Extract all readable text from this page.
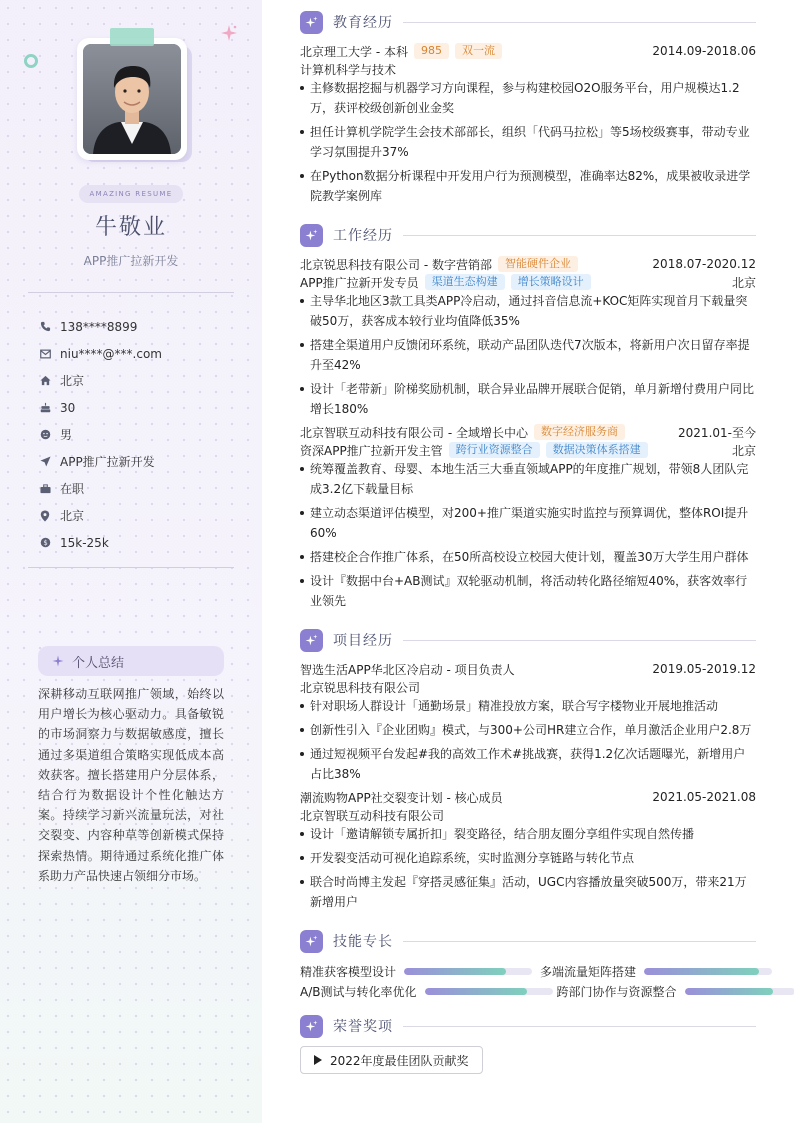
AMAZING RESUME
牛敬业
APP推广拉新开发
138****8899
niu****@***.com
北京
30
男
APP推广拉新开发
在职
北京
$ 15k-25k
个人总结
深耕移动互联网推广领域，始终以用户增长为核心驱动力。具备敏锐的市场洞察力与数据敏感度，擅长通过多渠道组合策略实现低成本高效获客。擅长搭建用户分层体系，结合行为数据设计个性化触达方案。持续学习新兴流量玩法，对社交裂变、内容种草等创新模式保持探索热情。期待通过系统化推广体系助力产品快速占领细分市场。
教育经历
北京理工大学 - 本科	985	双一流	2014.09-2018.06
计算机科学与技术
主修数据挖掘与机器学习方向课程，参与构建校园O2O服务平台，用户规模达1.2万，获评校级创新创业金奖
担任计算机学院学生会技术部部长，组织「代码马拉松」等5场校级赛事，带动专业学习氛围提升37%
在Python数据分析课程中开发用户行为预测模型，准确率达82%，成果被收录进学院教学案例库
工作经历
北京锐思科技有限公司 - 数字营销部	智能硬件企业	2018.07-2020.12
APP推广拉新开发专员	渠道生态构建	增长策略设计	北京
主导华北地区3款工具类APP冷启动，通过抖音信息流+KOC矩阵实现首月下载量突破50万，获客成本较行业均值降低35%
搭建全渠道用户反馈闭环系统，联动产品团队迭代7次版本，将新用户次日留存率提升至42%
设计「老带新」阶梯奖励机制，联合异业品牌开展联合促销，单月新增付费用户同比增长180%
北京智联互动科技有限公司 - 全域增长中心	数字经济服务商	2021.01-至今
资深APP推广拉新开发主管	跨行业资源整合	数据决策体系搭建	北京
统筹覆盖教育、母婴、本地生活三大垂直领域APP的年度推广规划，带领8人团队完成3.2亿下载量目标
建立动态渠道评估模型，对200+推广渠道实施实时监控与预算调优，整体ROI提升60%
搭建校企合作推广体系，在50所高校设立校园大使计划，覆盖30万大学生用户群体
设计『数据中台+AB测试』双轮驱动机制，将活动转化路径缩短40%，获客效率行业领先
项目经历
智选生活APP华北区冷启动 - 项目负责人	2019.05-2019.12
北京锐思科技有限公司
针对职场人群设计「通勤场景」精准投放方案，联合写字楼物业开展地推活动
创新性引入『企业团购』模式，与300+公司HR建立合作，单月激活企业用户2.8万
通过短视频平台发起#我的高效工作术#挑战赛，获得1.2亿次话题曝光，新增用户占比38%
潮流购物APP社交裂变计划 - 核心成员	2021.05-2021.08
北京智联互动科技有限公司
设计「邀请解锁专属折扣」裂变路径，结合朋友圈分享组件实现自然传播
开发裂变活动可视化追踪系统，实时监测分享链路与转化节点
联合时尚博主发起『穿搭灵感征集』活动，UGC内容播放量突破500万，带来21万新增用户
技能专长
精准获客模型设计	多端流量矩阵搭建
A/B测试与转化率优化	跨部门协作与资源整合
荣誉奖项
2022年度最佳团队贡献奖
